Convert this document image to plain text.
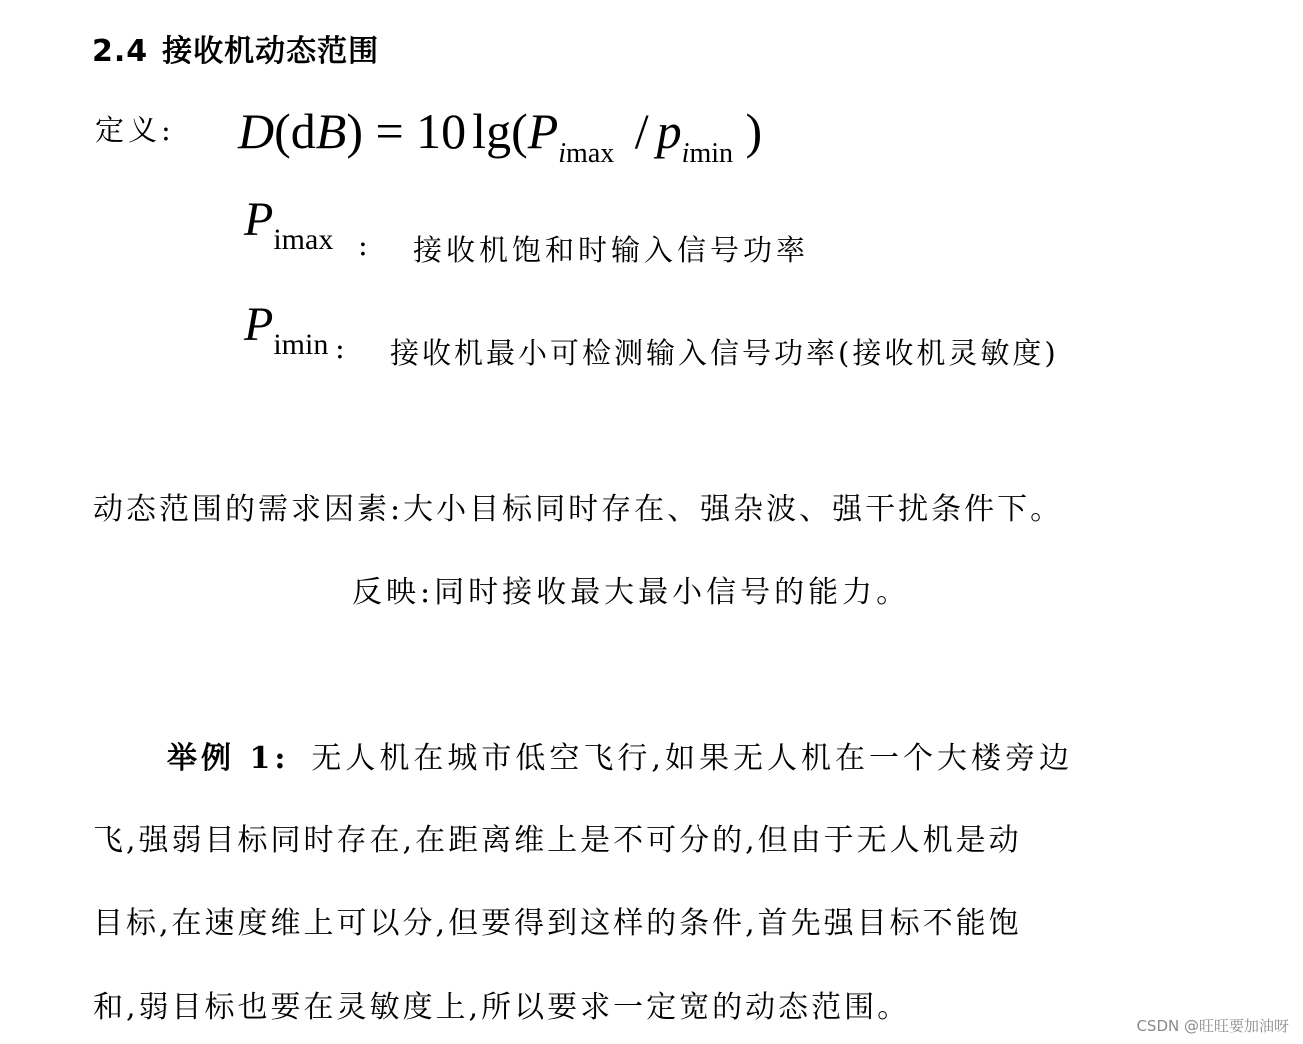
2.4 接收机动态范围
定义: D(dB) = 10 $\lg(P_{imax} / p_{imin}$ )
$P_{imax}$ : 接收机饱和时输入信号功率
$P_{imin}$ : 接收机最小可检测输入信号功率(接收机灵敏度)
动态范围的需求因素:大小目标同时存在、强杂波、强干扰条件下。
反映:同时接收最大最小信号的能力。
举例 1: 无人机在城市低空飞行,如果无人机在一个大楼旁边
飞,强弱目标同时存在,在距离维上是不可分的,但由于无人机是动
目标,在速度维上可以分,但要得到这样的条件,首先强目标不能饱
和,弱目标也要在灵敏度上,所以要求一定宽的动态范围。
CSDN @旺旺要加油呀
